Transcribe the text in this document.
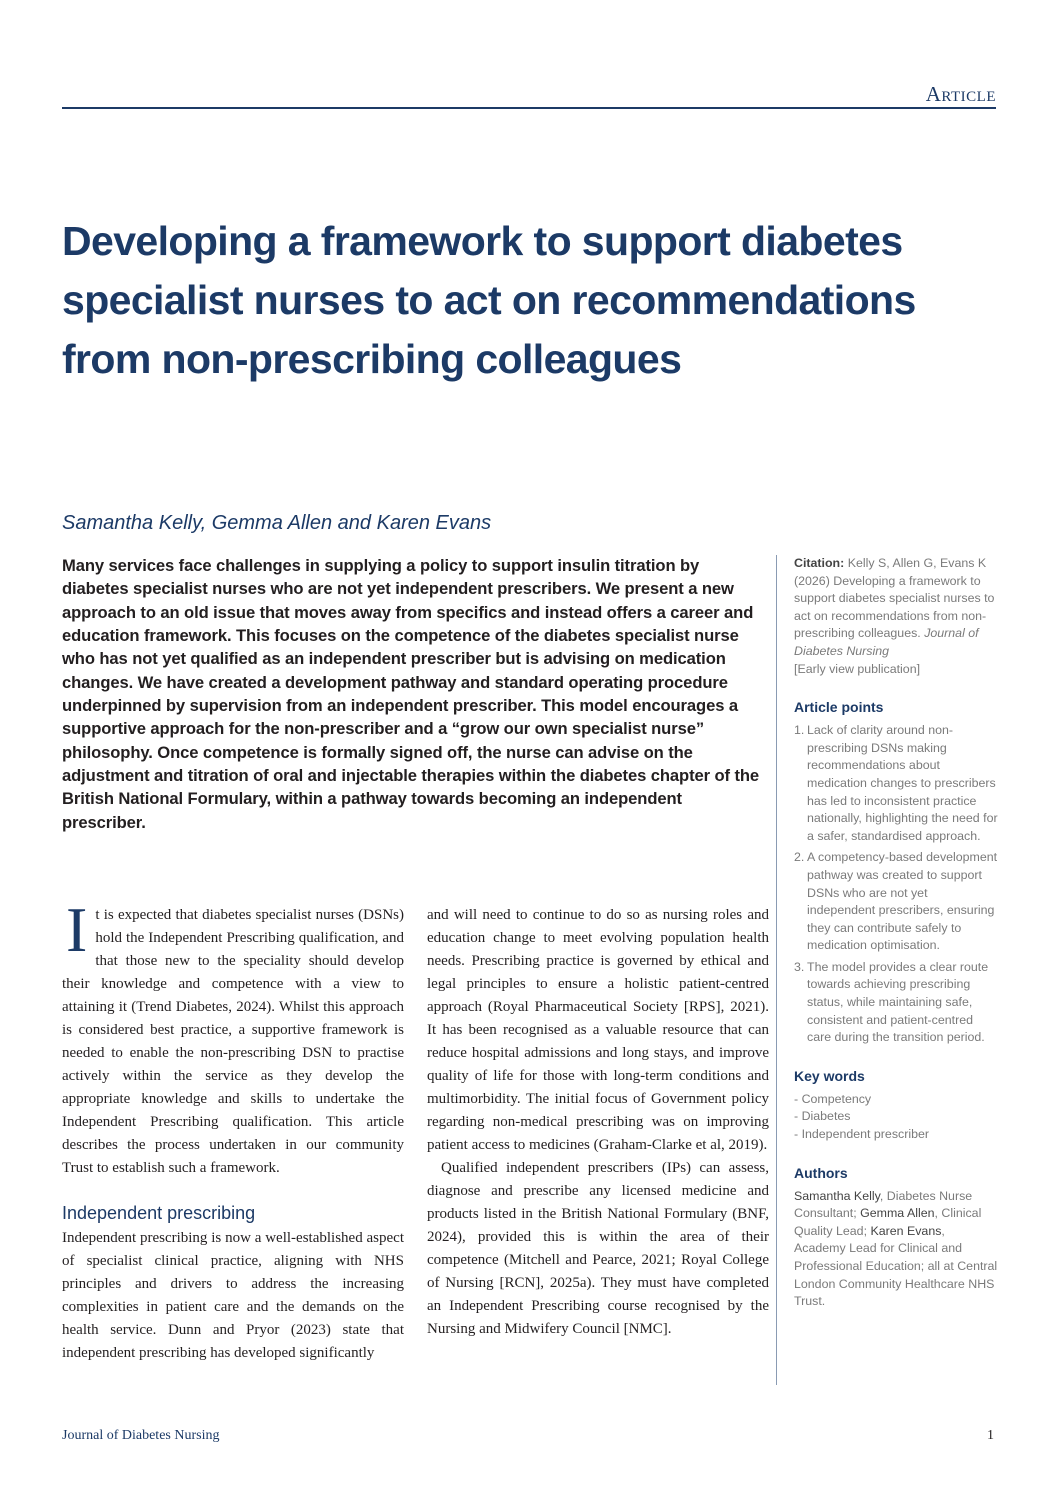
Article
Developing a framework to support diabetes specialist nurses to act on recommendations from non-prescribing colleagues
Samantha Kelly, Gemma Allen and Karen Evans

Many services face challenges in supplying a policy to support insulin titration by diabetes specialist nurses who are not yet independent prescribers. We present a new approach to an old issue that moves away from specifics and instead offers a career and education framework. This focuses on the competence of the diabetes specialist nurse who has not yet qualified as an independent prescriber but is advising on medication changes. We have created a development pathway and standard operating procedure underpinned by supervision from an independent prescriber. This model encourages a supportive approach for the non-prescriber and a “grow our own specialist nurse” philosophy. Once competence is formally signed off, the nurse can advise on the adjustment and titration of oral and injectable therapies within the diabetes chapter of the British National Formulary, within a pathway towards becoming an independent prescriber.

It is expected that diabetes specialist nurses (DSNs) hold the Independent Prescribing qualification, and that those new to the speciality should develop their knowledge and competence with a view to attaining it (Trend Diabetes, 2024). Whilst this approach is considered best practice, a supportive framework is needed to enable the non-prescribing DSN to practise actively within the service as they develop the appropriate knowledge and skills to undertake the Independent Prescribing qualification. This article describes the process undertaken in our community Trust to establish such a framework.

Independent prescribing

Independent prescribing is now a well-established aspect of specialist clinical practice, aligning with NHS principles and drivers to address the increasing complexities in patient care and the demands on the health service. Dunn and Pryor (2023) state that independent prescribing has developed significantly

and will need to continue to do so as nursing roles and education change to meet evolving population health needs. Prescribing practice is governed by ethical and legal principles to ensure a holistic patient-centred approach (Royal Pharmaceutical Society [RPS], 2021). It has been recognised as a valuable resource that can reduce hospital admissions and long stays, and improve quality of life for those with long-term conditions and multimorbidity. The initial focus of Government policy regarding non-medical prescribing was on improving patient access to medicines (Graham-Clarke et al, 2019).

Qualified independent prescribers (IPs) can assess, diagnose and prescribe any licensed medicine and products listed in the British National Formulary (BNF, 2024), provided this is within the area of their competence (Mitchell and Pearce, 2021; Royal College of Nursing [RCN], 2025a). They must have completed an Independent Prescribing course recognised by the Nursing and Midwifery Council [NMC].

Citation: Kelly S, Allen G, Evans K (2026) Developing a framework to support diabetes specialist nurses to act on recommendations from non-prescribing colleagues. Journal of Diabetes Nursing
[Early view publication]
Article points
1. Lack of clarity around non-prescribing DSNs making recommendations about medication changes to prescribers has led to inconsistent practice nationally, highlighting the need for a safer, standardised approach.
2. A competency-based development pathway was created to support DSNs who are not yet independent prescribers, ensuring they can contribute safely to medication optimisation.
3. The model provides a clear route towards achieving prescribing status, while maintaining safe, consistent and patient-centred care during the transition period.
Key words
- Competency
- Diabetes
- Independent prescriber
Authors

Samantha Kelly, Diabetes Nurse Consultant; Gemma Allen, Clinical Quality Lead; Karen Evans, Academy Lead for Clinical and Professional Education; all at Central London Community Healthcare NHS Trust.

Journal of Diabetes Nursing	1
